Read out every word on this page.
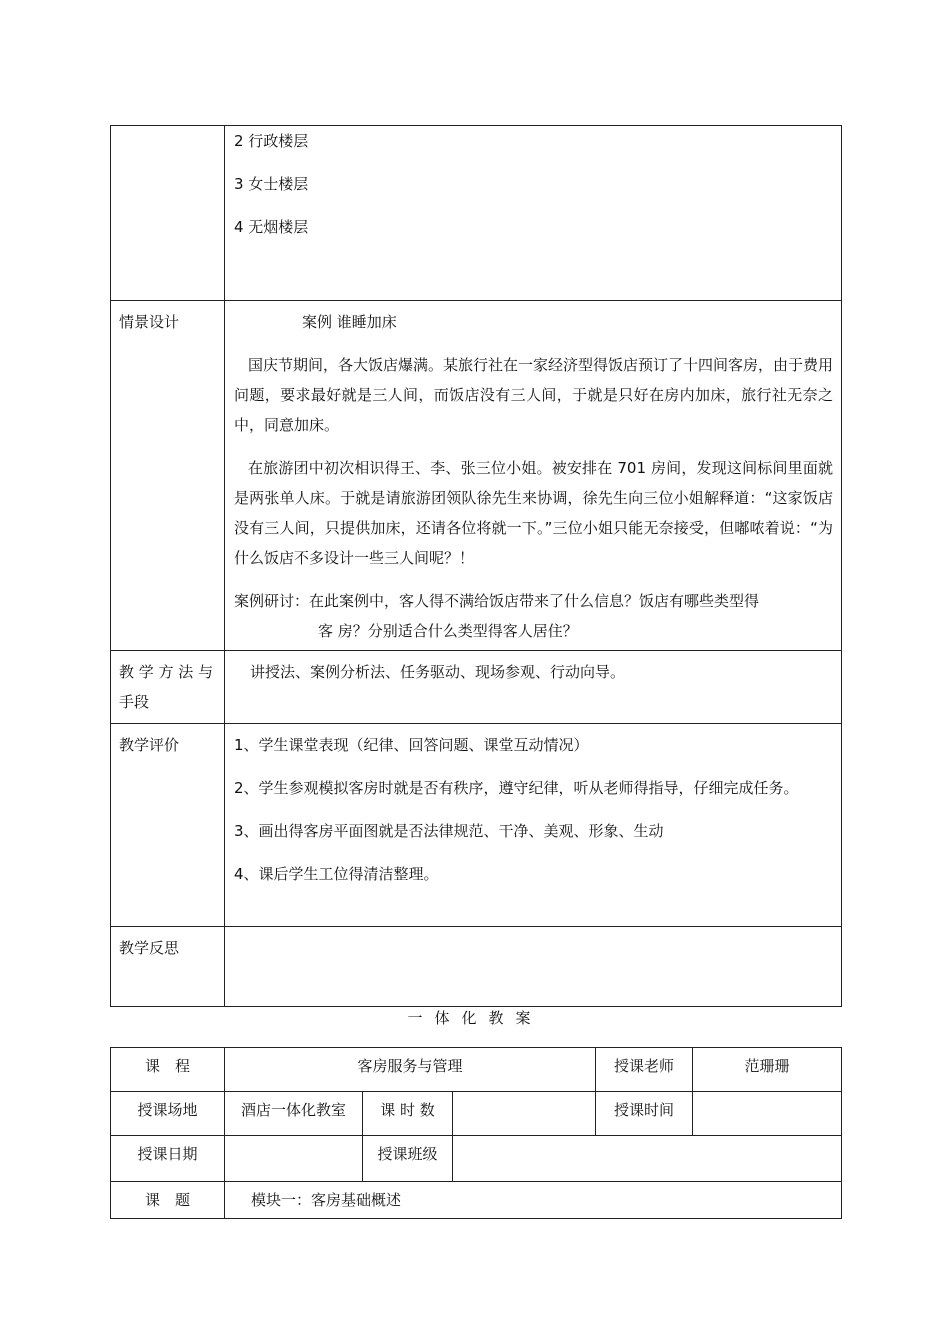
	2 行政楼层

3 女士楼层

4 无烟楼层

情景设计	案例 谁睡加床

国庆节期间，各大饭店爆满。某旅行社在一家经济型得饭店预订了十四间客房，由于费用问题，要求最好就是三人间，而饭店没有三人间，于就是只好在房内加床，旅行社无奈之中，同意加床。

在旅游团中初次相识得王、李、张三位小姐。被安排在 701 房间，发现这间标间里面就是两张单人床。于就是请旅游团领队徐先生来协调，徐先生向三位小姐解释道：“这家饭店没有三人间，只提供加床，还请各位将就一下。”三位小姐只能无奈接受，但嘟哝着说：“为什么饭店不多设计一些三人间呢？！

案例研讨：在此案例中，客人得不满给饭店带来了什么信息？饭店有哪些类型得

客 房？分别适合什么类型得客人居住？

教 学 方 法 与
手段	讲授法、案例分析法、任务驱动、现场参观、行动向导。

教学评价	1、学生课堂表现（纪律、回答问题、课堂互动情况）

2、学生参观模拟客房时就是否有秩序，遵守纪律，听从老师得指导，仔细完成任务。

3、画出得客房平面图就是否法律规范、干净、美观、形象、生动

4、课后学生工位得清洁整理。

教学反思	
一体化教案
课　程	客房服务与管理			授课老师	范珊珊
授课场地	酒店一体化教室	课 时 数		授课时间	
授课日期		授课班级			
课　题	模块一：客房基础概述				
